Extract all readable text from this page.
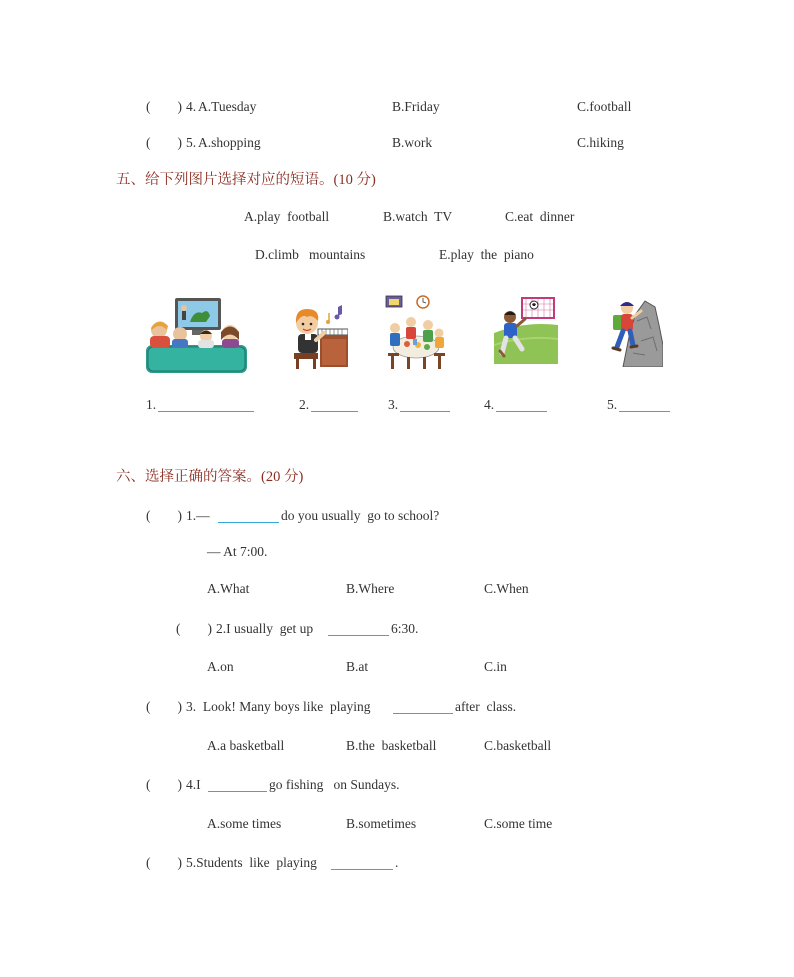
(        ) 4. A.Tuesday	B.Friday	C.football
(        ) 5. A.shopping	B.work	C.hiking
五、给下列图片选择对应的短语。(10 分)
A.play  football	B.watch  TV	C.eat  dinner
D.climb   mountains	E.play  the  piano
1.	2.	3.	4.	5.
六、选择正确的答案。(20 分)
(        ) 1.—	do you usually  go to school?
— At 7:00.
A.What	B.Where	C.When
(        ) 2.I usually  get up	6:30.
A.on	B.at	C.in
(        ) 3.  Look! Many boys like  playing	after  class.
A.a basketball	B.the  basketball	C.basketball
(        ) 4.I	go fishing   on Sundays.
A.some times	B.sometimes	C.some time
(        ) 5.Students  like  playing	.
